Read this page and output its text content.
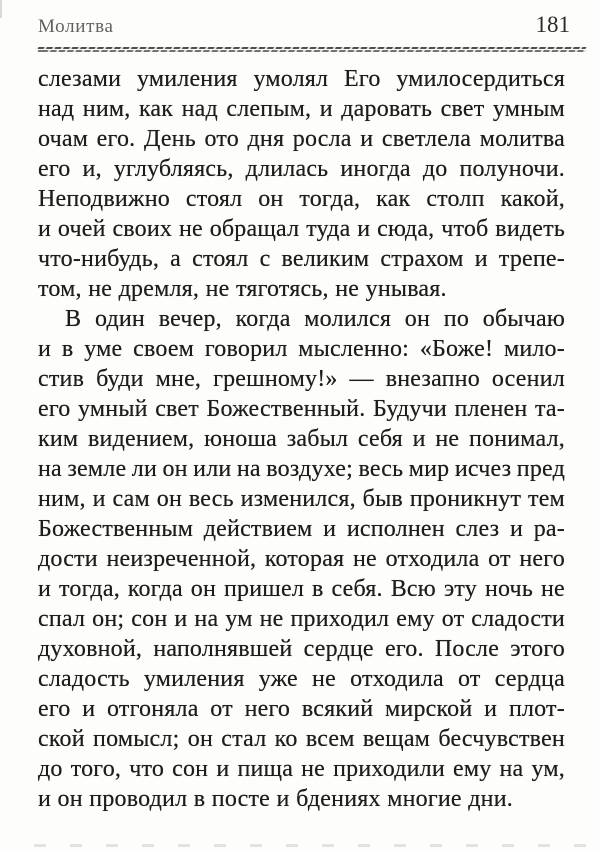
Молитва	181
слезами умиления умолял Его умилосердиться
над ним, как над слепым, и даровать свет умным
очам его. День ото дня росла и светлела молитва
его и, углубляясь, длилась иногда до полуночи.
Неподвижно стоял он тогда, как столп какой,
и очей своих не обращал туда и сюда, чтоб видеть
что-нибудь, а стоял с великим страхом и трепе-
том, не дремля, не тяготясь, не унывая.
В один вечер, когда молился он по обычаю
и в уме своем говорил мысленно: «Боже! мило-
стив буди мне, грешному!» — внезапно осенил
его умный свет Божественный. Будучи пленен та-
ким видением, юноша забыл себя и не понимал,
на земле ли он или на воздухе; весь мир исчез пред
ним, и сам он весь изменился, быв проникнут тем
Божественным действием и исполнен слез и ра-
дости неизреченной, которая не отходила от него
и тогда, когда он пришел в себя. Всю эту ночь не
спал он; сон и на ум не приходил ему от сладости
духовной, наполнявшей сердце его. После этого
сладость умиления уже не отходила от сердца
его и отгоняла от него всякий мирской и плот-
ской помысл; он стал ко всем вещам бесчувствен
до того, что сон и пища не приходили ему на ум,
и он проводил в посте и бдениях многие дни.
